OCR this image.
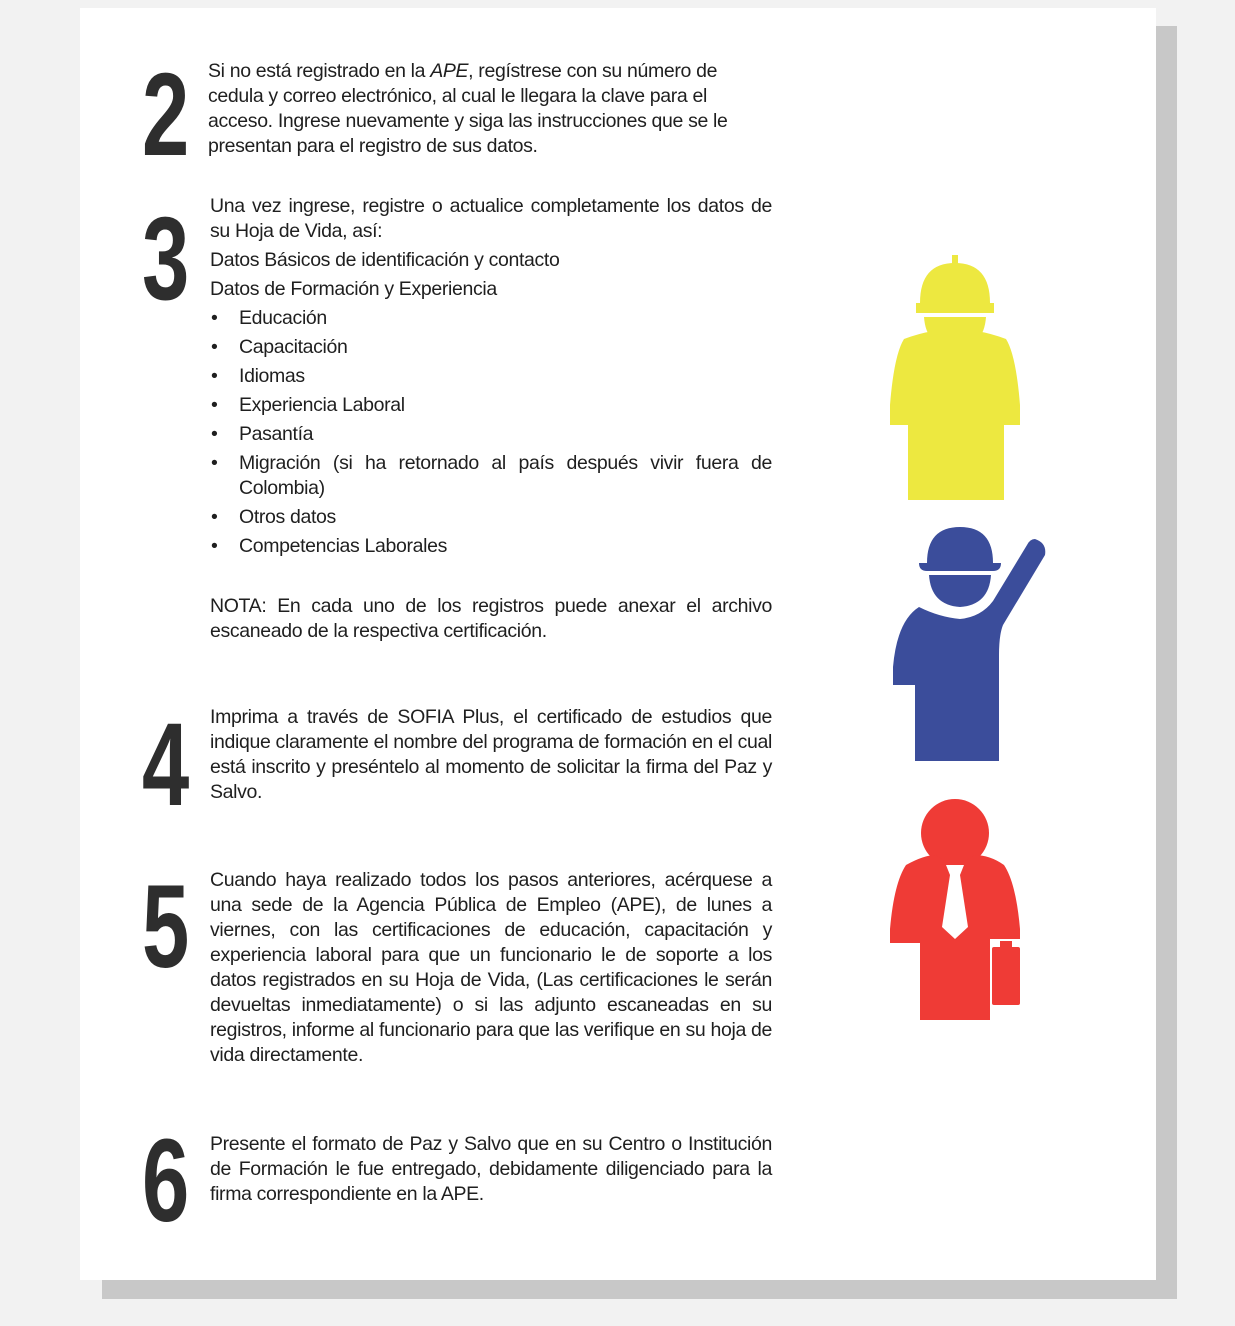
2 Si no está registrado en la APE, regístrese con su número de cedula y correo electrónico, al cual le llegara la clave para el acceso. Ingrese nuevamente y siga las instrucciones que se le presentan para el registro de sus datos.
3 Una vez ingrese, registre o actualice completamente los datos de su Hoja de Vida, así:

Datos Básicos de identificación y contacto

Datos de Formación y Experiencia

• Educación
• Capacitación
• Idiomas
• Experiencia Laboral
• Pasantía
• Migración (si ha retornado al país después vivir fuera de Colombia)
• Otros datos
• Competencias Laborales
NOTA: En cada uno de los registros puede anexar el archivo escaneado de la respectiva certificación.
4 Imprima a través de SOFIA Plus, el certificado de estudios que indique claramente el nombre del programa de formación en el cual está inscrito y preséntelo al momento de solicitar la firma del Paz y Salvo.
5 Cuando haya realizado todos los pasos anteriores, acérquese a una sede de la Agencia Pública de Empleo (APE), de lunes a viernes, con las certificaciones de educación, capacitación y experiencia laboral para que un funcionario le de soporte a los datos registrados en su Hoja de Vida, (Las certificaciones le serán devueltas inmediatamente) o si las adjunto escaneadas en su registros, informe al funcionario para que las verifique en su hoja de vida directamente.
6 Presente el formato de Paz y Salvo que en su Centro o Institución de Formación le fue entregado, debidamente diligenciado para la firma correspondiente en la APE.
